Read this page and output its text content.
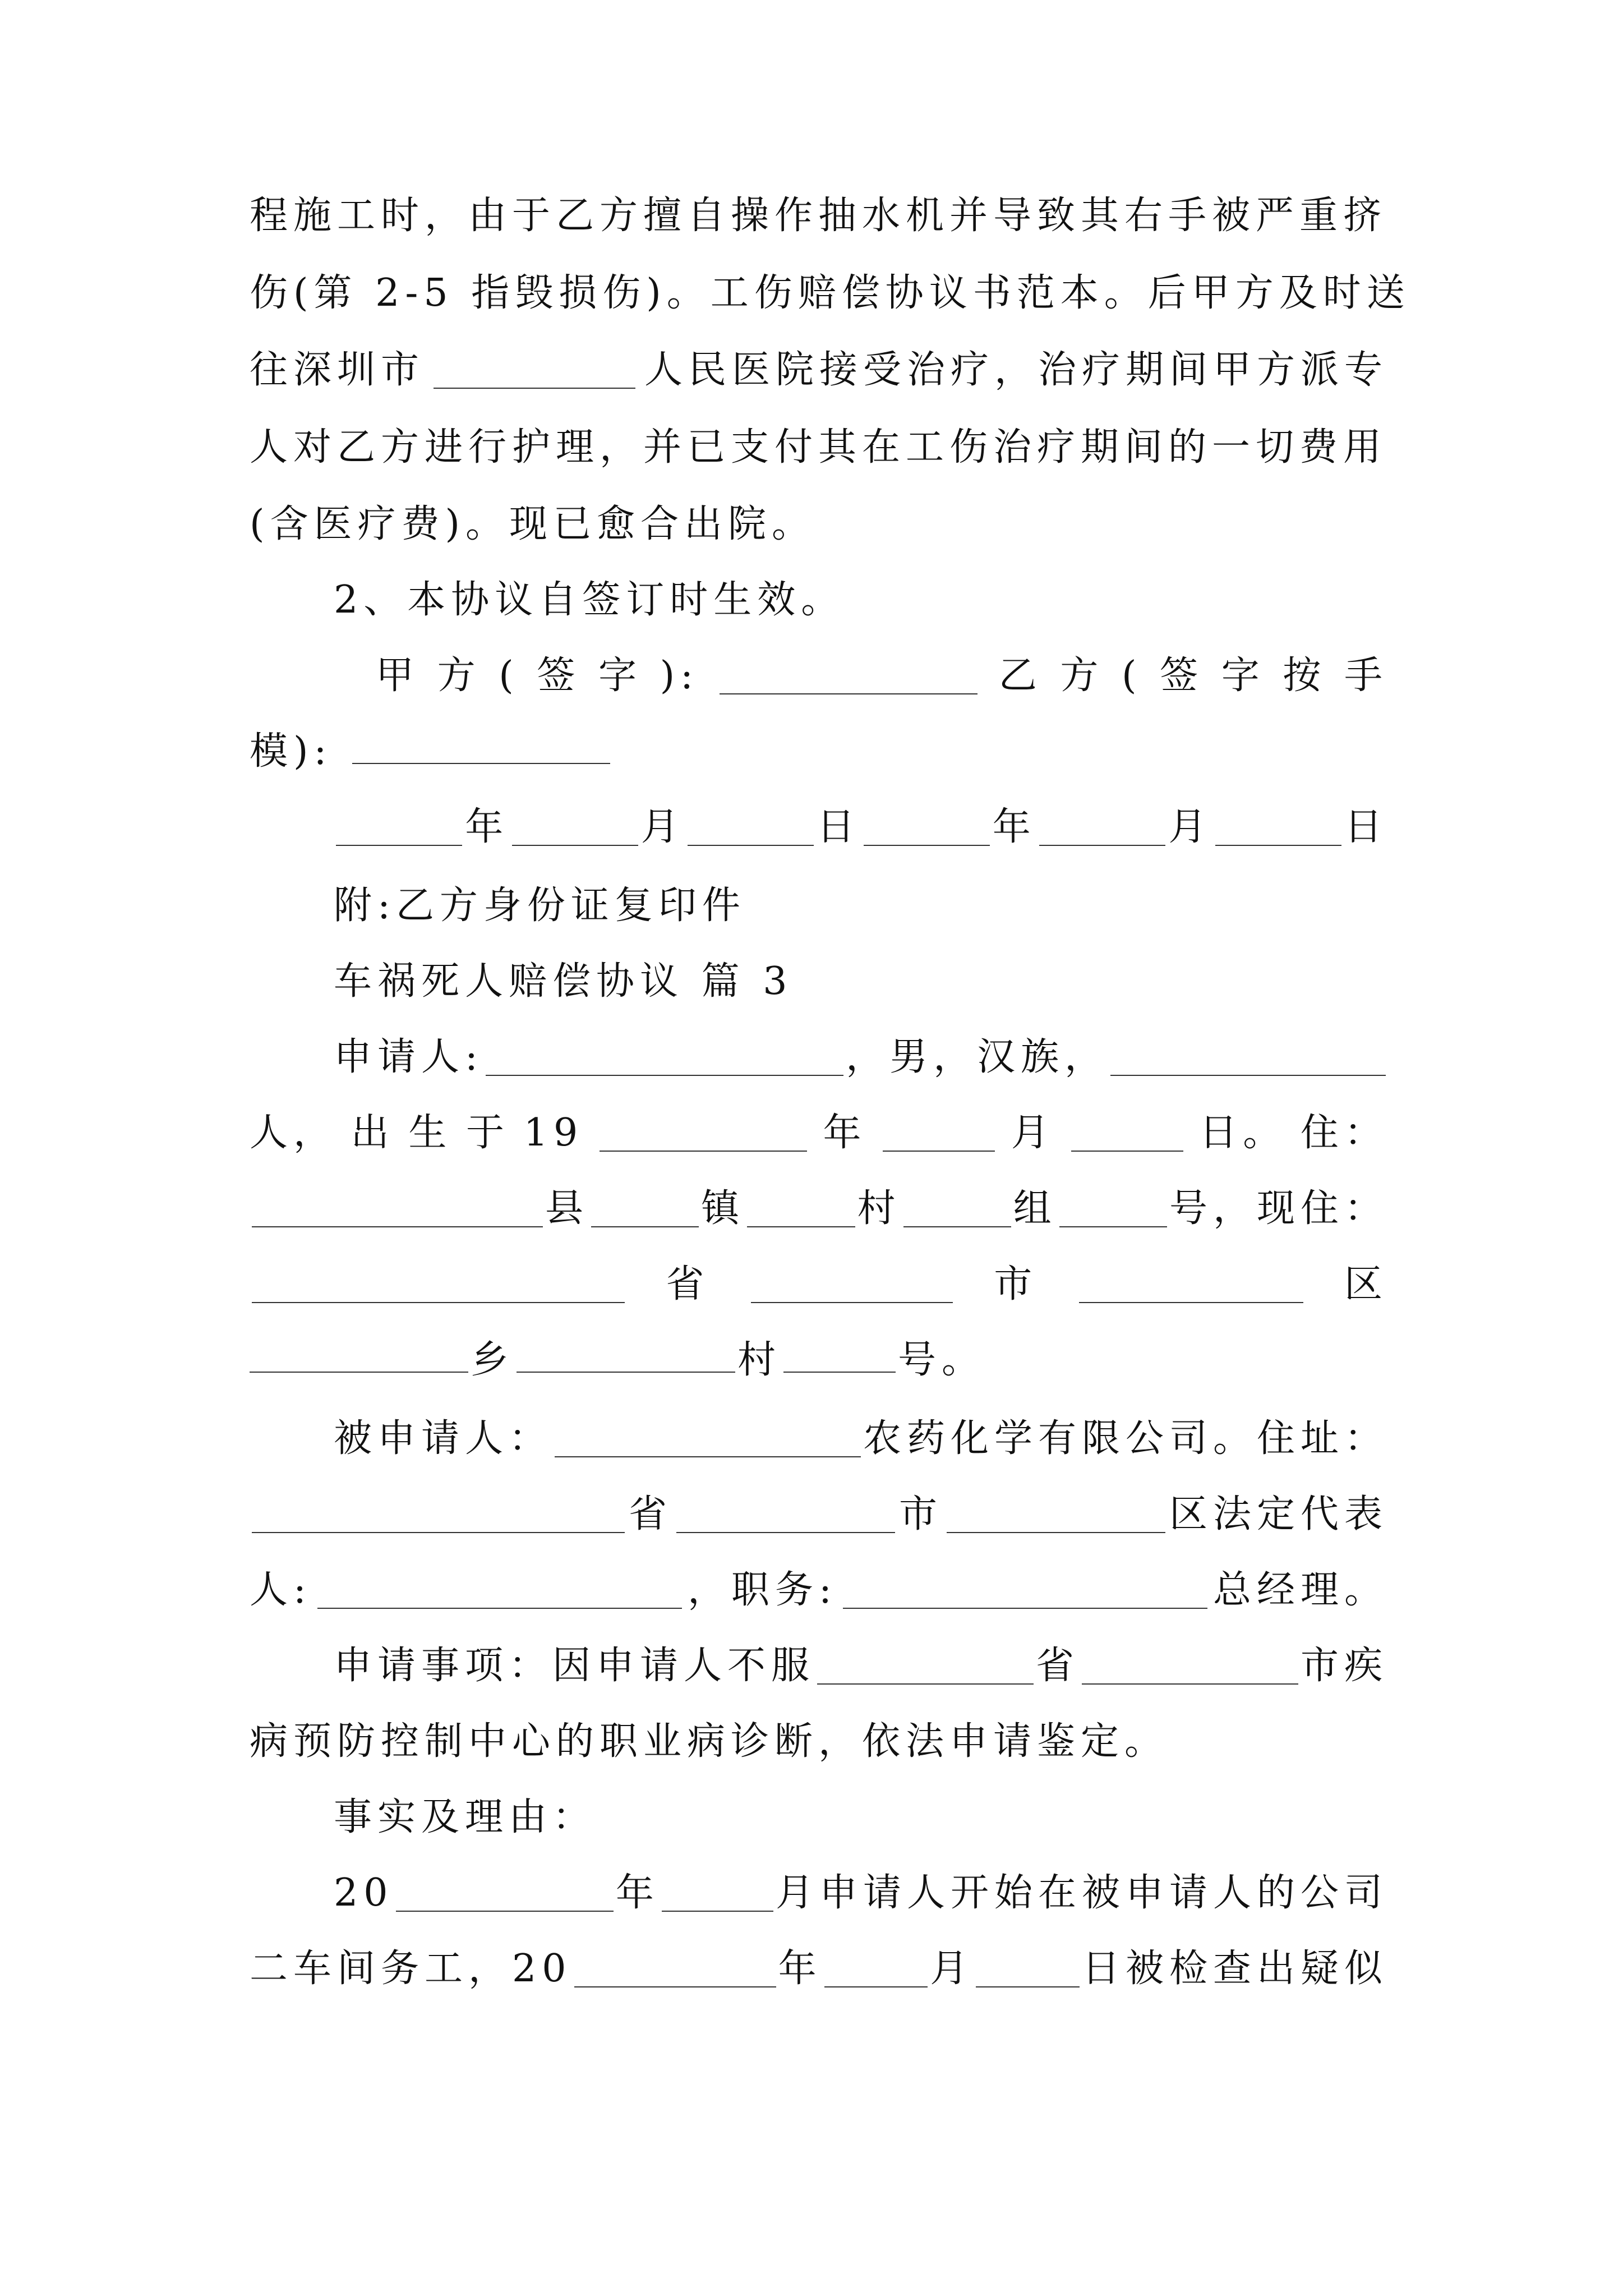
程施工时，由于乙方擅自操作抽水机并导致其右手被严重挤
伤(第 2-5 指毁损伤)。工伤赔偿协议书范本。后甲方及时送
往深圳市	人民医院接受治疗，治疗期间甲方派专
人对乙方进行护理，并已支付其在工伤治疗期间的一切费用
(含医疗费)。现已愈合出院。
2、本协议自签订时生效。
甲 方 ( 签 字 ):	乙 方 ( 签 字 按 手
模):
年	月	日	年	月	日
附:乙方身份证复印件
车祸死人赔偿协议 篇 3
申请人:	，男，汉族，
人， 出 生 于 19	年	月	日。 住：
县	镇	村	组	号，现住：
省	市	区
乡	村	号。
被申请人：	农药化学有限公司。住址：
省	市	区法定代表
人:	，职务:	总经理。
申请事项：因申请人不服	省	市疾
病预防控制中心的职业病诊断，依法申请鉴定。
事实及理由：
20	年	月申请人开始在被申请人的公司
二车间务工，20	年	月	日被检查出疑似
